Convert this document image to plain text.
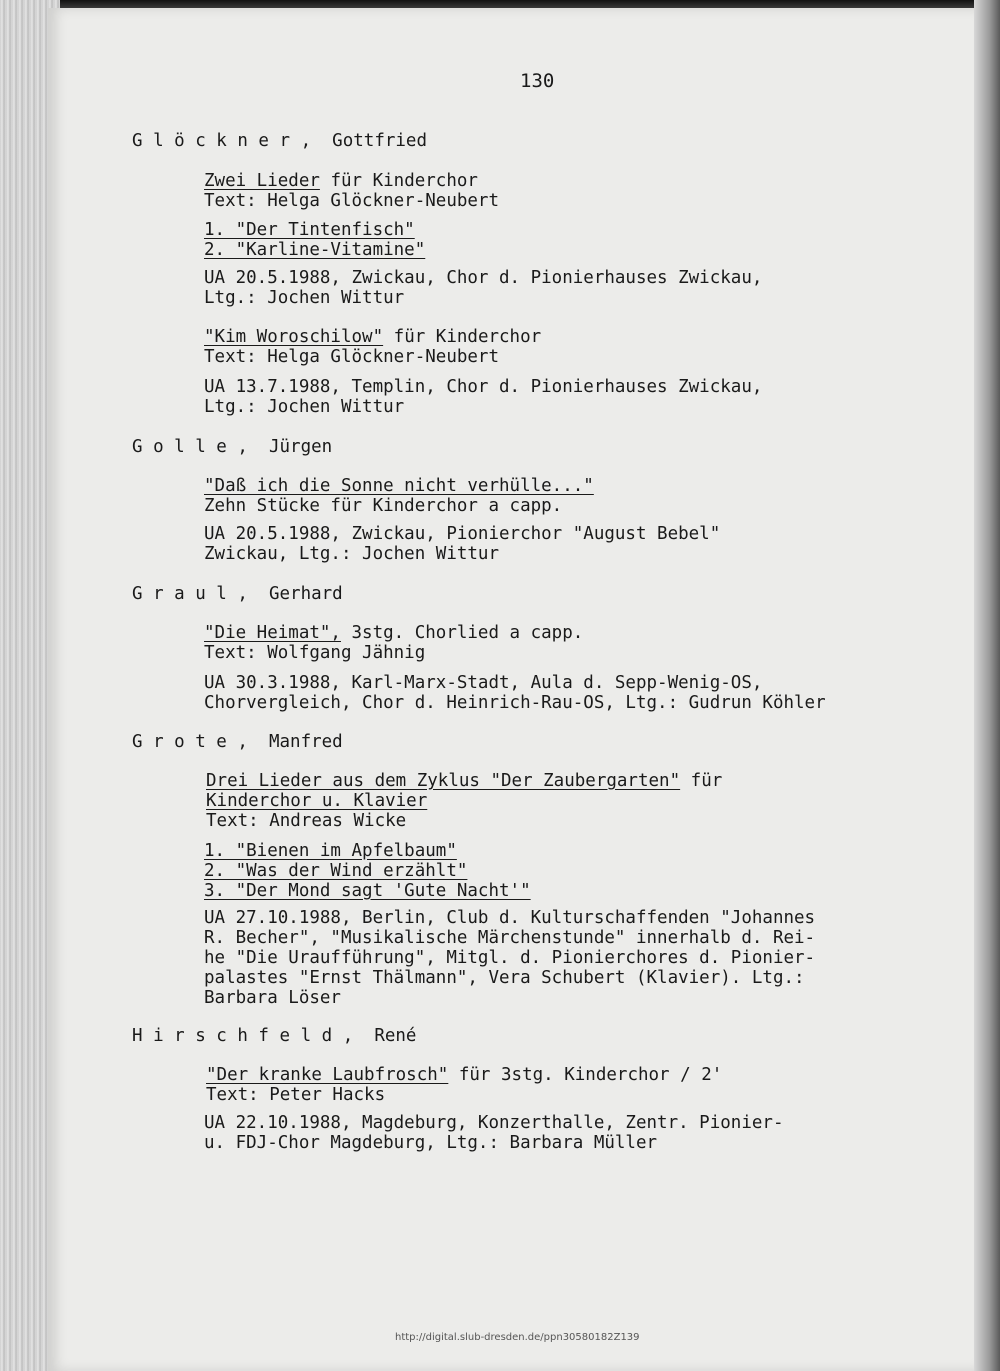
130
G l ö c k n e r ,  Gottfried
Zwei Lieder für Kinderchor
Text: Helga Glöckner-Neubert
1. "Der Tintenfisch"
2. "Karline-Vitamine"
UA 20.5.1988, Zwickau, Chor d. Pionierhauses Zwickau,
Ltg.: Jochen Wittur
"Kim Woroschilow" für Kinderchor
Text: Helga Glöckner-Neubert
UA 13.7.1988, Templin, Chor d. Pionierhauses Zwickau,
Ltg.: Jochen Wittur
G o l l e ,  Jürgen
"Daß ich die Sonne nicht verhülle..."
Zehn Stücke für Kinderchor a capp.
UA 20.5.1988, Zwickau, Pionierchor "August Bebel"
Zwickau, Ltg.: Jochen Wittur
G r a u l ,  Gerhard
"Die Heimat", 3stg. Chorlied a capp.
Text: Wolfgang Jähnig
UA 30.3.1988, Karl-Marx-Stadt, Aula d. Sepp-Wenig-OS,
Chorvergleich, Chor d. Heinrich-Rau-OS, Ltg.: Gudrun Köhler
G r o t e ,  Manfred
Drei Lieder aus dem Zyklus "Der Zaubergarten" für
Kinderchor u. Klavier
Text: Andreas Wicke
1. "Bienen im Apfelbaum"
2. "Was der Wind erzählt"
3. "Der Mond sagt 'Gute Nacht'"
UA 27.10.1988, Berlin, Club d. Kulturschaffenden "Johannes
R. Becher", "Musikalische Märchenstunde" innerhalb d. Rei-
he "Die Uraufführung", Mitgl. d. Pionierchores d. Pionier-
palastes "Ernst Thälmann", Vera Schubert (Klavier). Ltg.:
Barbara Löser
H i r s c h f e l d ,  René
"Der kranke Laubfrosch" für 3stg. Kinderchor / 2'
Text: Peter Hacks
UA 22.10.1988, Magdeburg, Konzerthalle, Zentr. Pionier-
u. FDJ-Chor Magdeburg, Ltg.: Barbara Müller
http://digital.slub-dresden.de/ppn30580182Z139
